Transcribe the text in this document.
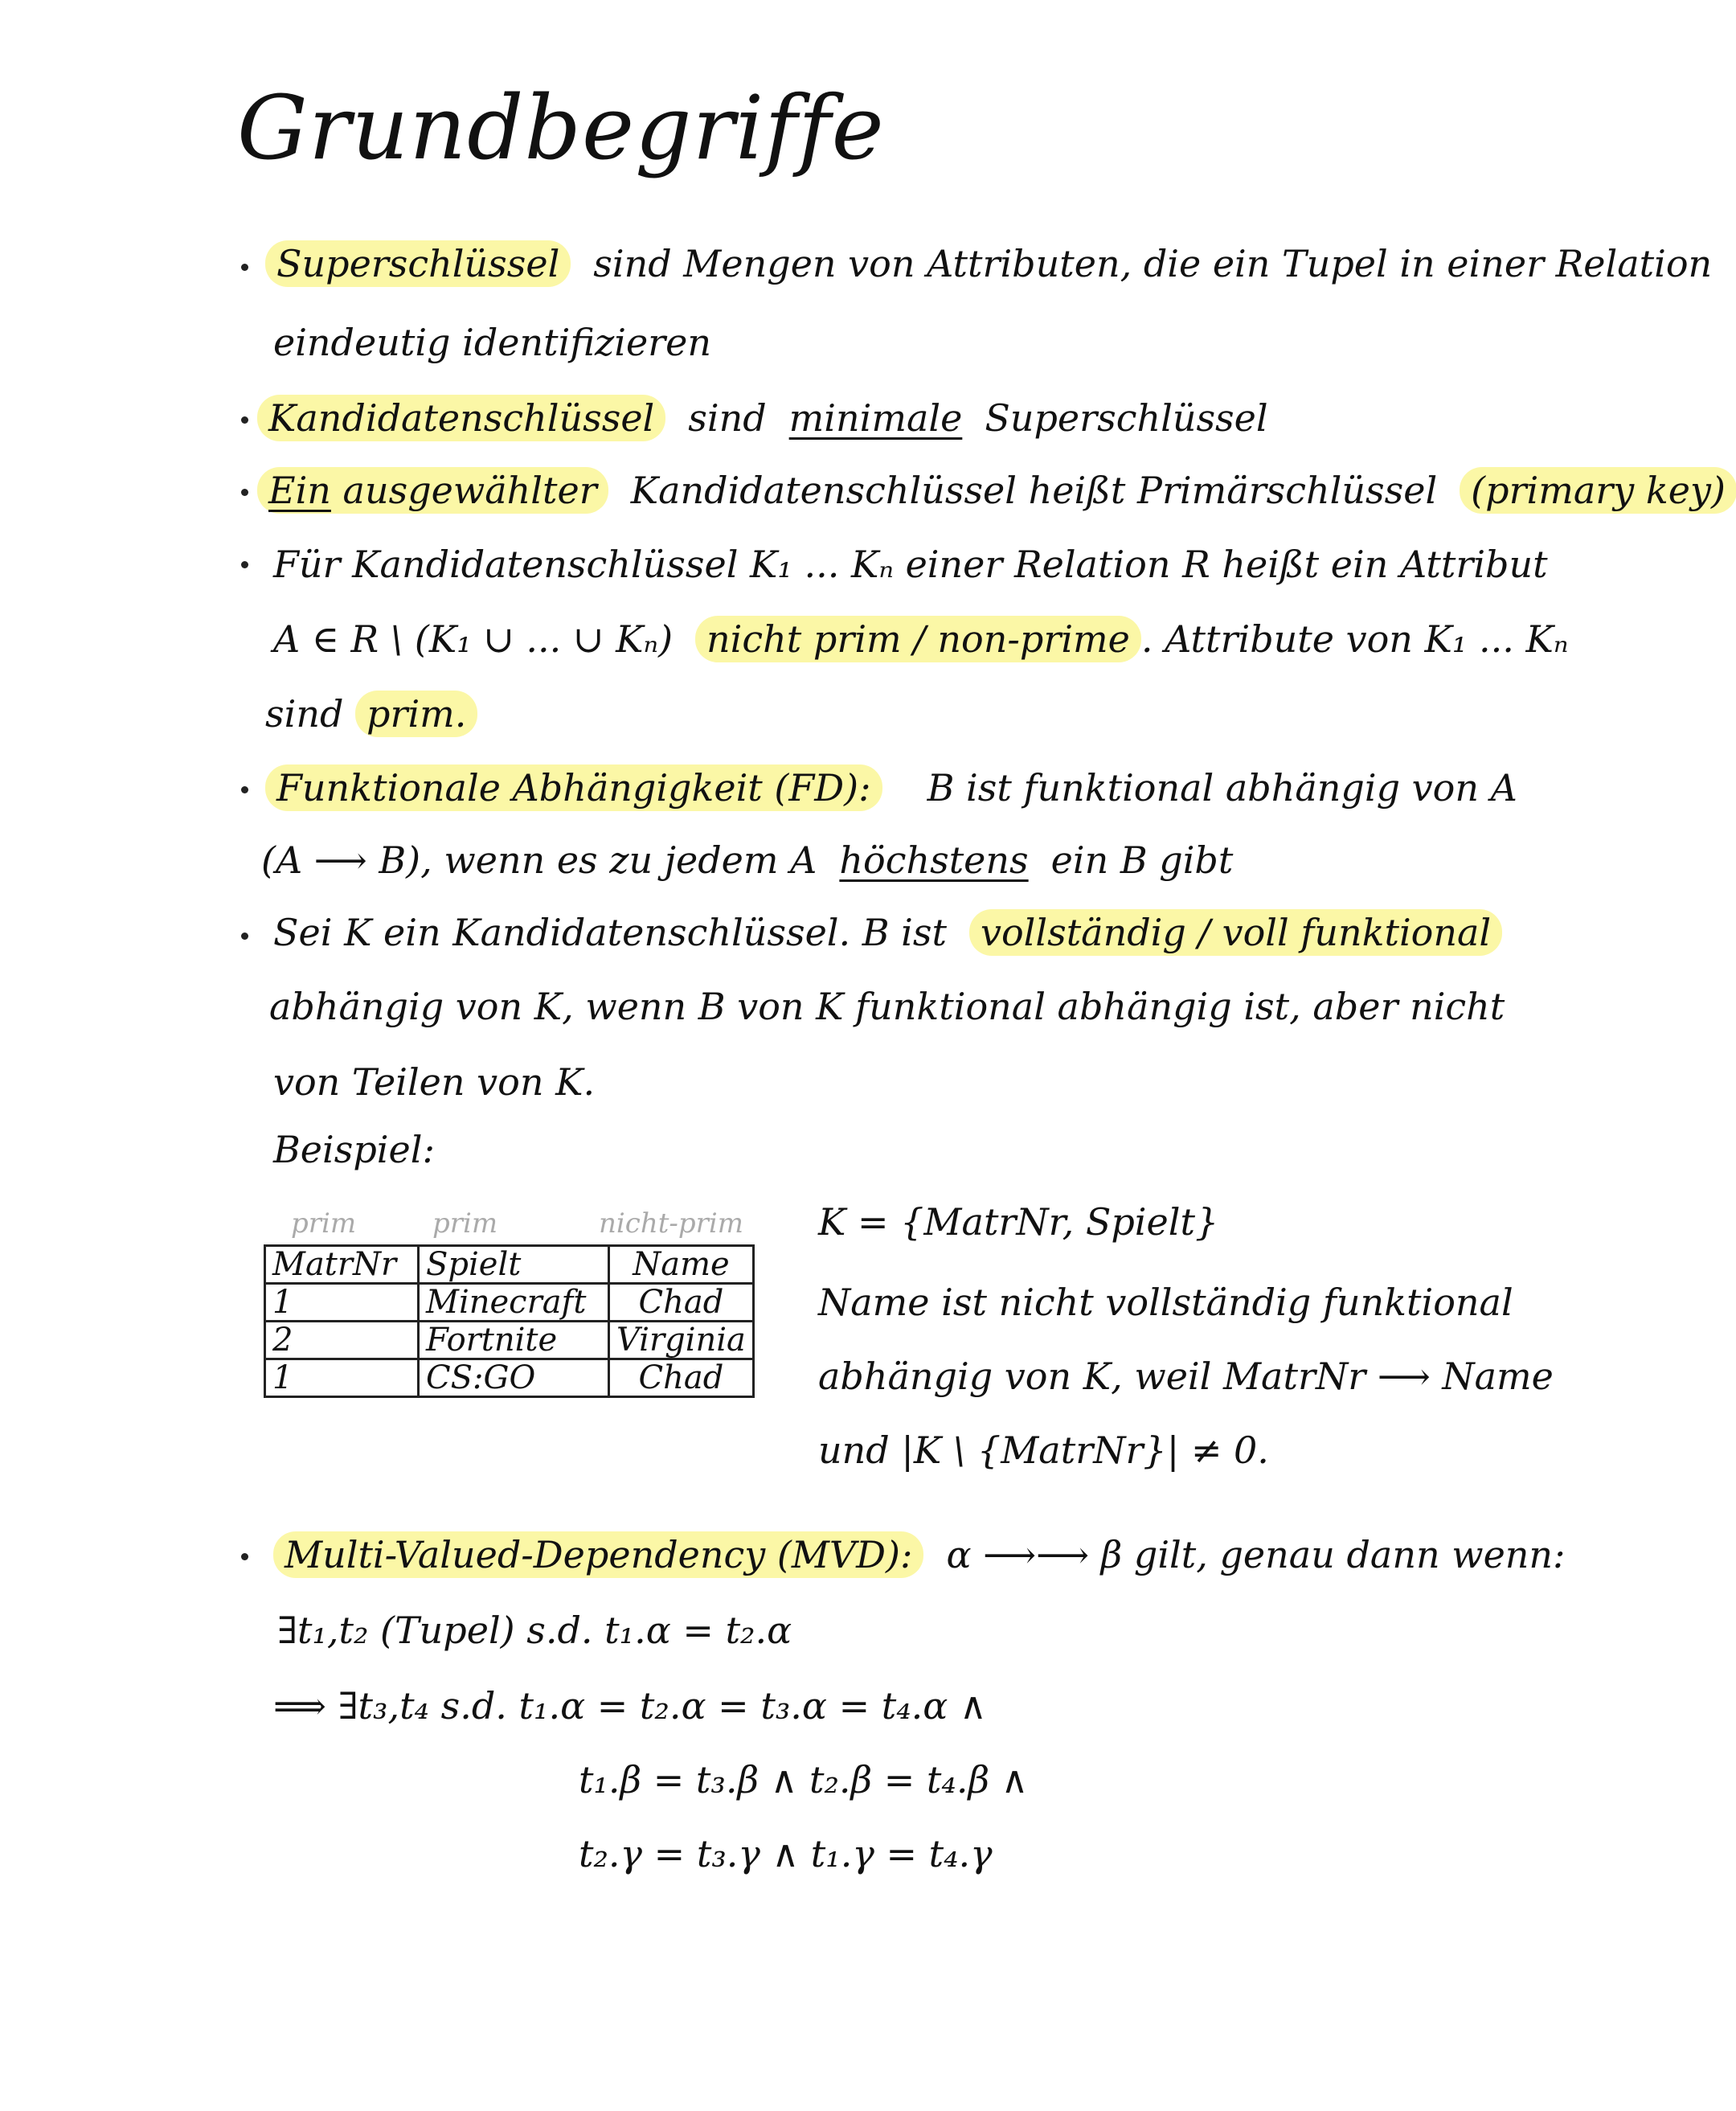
Grundbegriffe
Superschlüssel sind Mengen von Attributen, die ein Tupel in einer Relation
eindeutig identifizieren
Kandidatenschlüssel sind minimale Superschlüssel
Ein ausgewählter Kandidatenschlüssel heißt Primärschlüssel (primary key)
Für Kandidatenschlüssel K₁ ... Kₙ einer Relation R heißt ein Attribut
A ∈ R \ (K₁ ∪ ... ∪ Kₙ) nicht prim / non-prime . Attribute von K₁ ... Kₙ
sind prim.
Funktionale Abhängigkeit (FD): B ist funktional abhängig von A
(A ⟶ B), wenn es zu jedem A höchstens ein B gibt
Sei K ein Kandidatenschlüssel. B ist vollständig / voll funktional
abhängig von K, wenn B von K funktional abhängig ist, aber nicht
von Teilen von K.
Beispiel:
prim	prim	nicht-prim
MatrNr	Spielt	Name
1	Minecraft	Chad
2	Fortnite	Virginia
1	CS:GO	Chad
K = {MatrNr, Spielt}
Name ist nicht vollständig funktional
abhängig von K, weil MatrNr ⟶ Name
und |K \ {MatrNr}| ≠ 0.
Multi-Valued-Dependency (MVD): α ⟶⟶ β gilt, genau dann wenn:
∃t₁,t₂ (Tupel) s.d. t₁.α = t₂.α
⟹ ∃t₃,t₄ s.d. t₁.α = t₂.α = t₃.α = t₄.α ∧
t₁.β = t₃.β ∧ t₂.β = t₄.β ∧
t₂.γ = t₃.γ ∧ t₁.γ = t₄.γ
